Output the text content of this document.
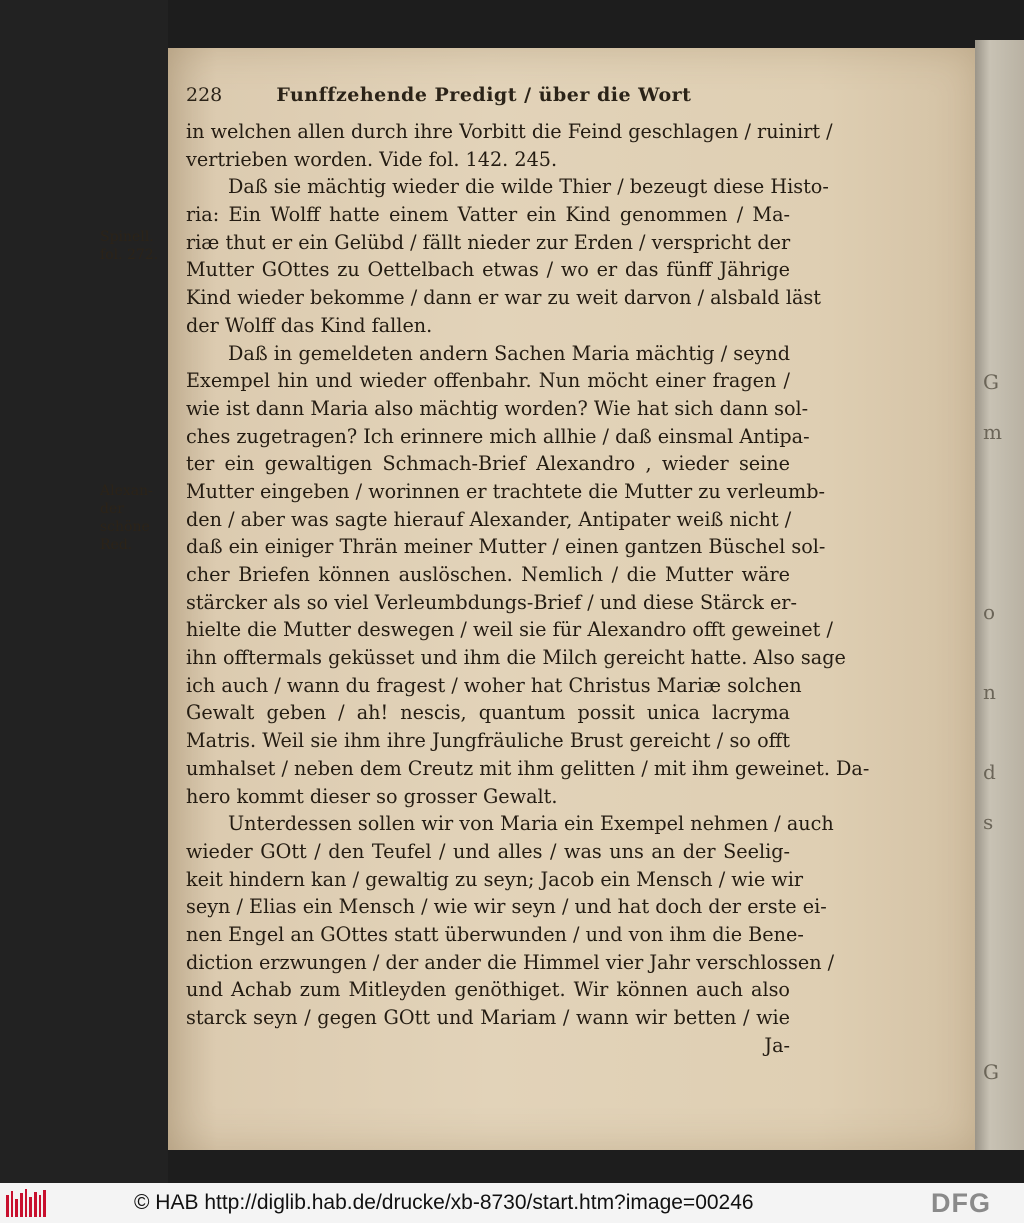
G
m
o
n
d
s
G
228	Funffzehende Predigt / über die Wort
Spinell.
fol. 272.
Alexan-
der schöne
Red.
in welchen allen durch ihre Vorbitt die Feind geschlagen / ruinirt /
vertrieben worden. Vide fol. 142. 245.
Daß sie mächtig wieder die wilde Thier / bezeugt diese Histo-
ria: Ein Wolff hatte einem Vatter ein Kind genommen / Ma-
riæ thut er ein Gelübd / fällt nieder zur Erden / verspricht der
Mutter GOttes zu Oettelbach etwas / wo er das fünff Jährige
Kind wieder bekomme / dann er war zu weit darvon / alsbald läst
der Wolff das Kind fallen.
Daß in gemeldeten andern Sachen Maria mächtig / seynd
Exempel hin und wieder offenbahr. Nun möcht einer fragen /
wie ist dann Maria also mächtig worden? Wie hat sich dann sol-
ches zugetragen? Ich erinnere mich allhie / daß einsmal Antipa-
ter ein gewaltigen Schmach-Brief Alexandro , wieder seine
Mutter eingeben / worinnen er trachtete die Mutter zu verleumb-
den / aber was sagte hierauf Alexander, Antipater weiß nicht /
daß ein einiger Thrän meiner Mutter / einen gantzen Büschel sol-
cher Briefen können auslöschen. Nemlich / die Mutter wäre
stärcker als so viel Verleumbdungs-Brief / und diese Stärck er-
hielte die Mutter deswegen / weil sie für Alexandro offt geweinet /
ihn offtermals geküsset und ihm die Milch gereicht hatte. Also sage
ich auch / wann du fragest / woher hat Christus Mariæ solchen
Gewalt geben / ah! nescis, quantum possit unica lacryma
Matris. Weil sie ihm ihre Jungfräuliche Brust gereicht / so offt
umhalset / neben dem Creutz mit ihm gelitten / mit ihm geweinet. Da-
hero kommt dieser so grosser Gewalt.
Unterdessen sollen wir von Maria ein Exempel nehmen / auch
wieder GOtt / den Teufel / und alles / was uns an der Seelig-
keit hindern kan / gewaltig zu seyn; Jacob ein Mensch / wie wir
seyn / Elias ein Mensch / wie wir seyn / und hat doch der erste ei-
nen Engel an GOttes statt überwunden / und von ihm die Bene-
diction erzwungen / der ander die Himmel vier Jahr verschlossen /
und Achab zum Mitleyden genöthiget. Wir können auch also
starck seyn / gegen GOtt und Mariam / wann wir betten / wie
Ja-
© HAB http://diglib.hab.de/drucke/xb-8730/start.htm?image=00246	DFG
